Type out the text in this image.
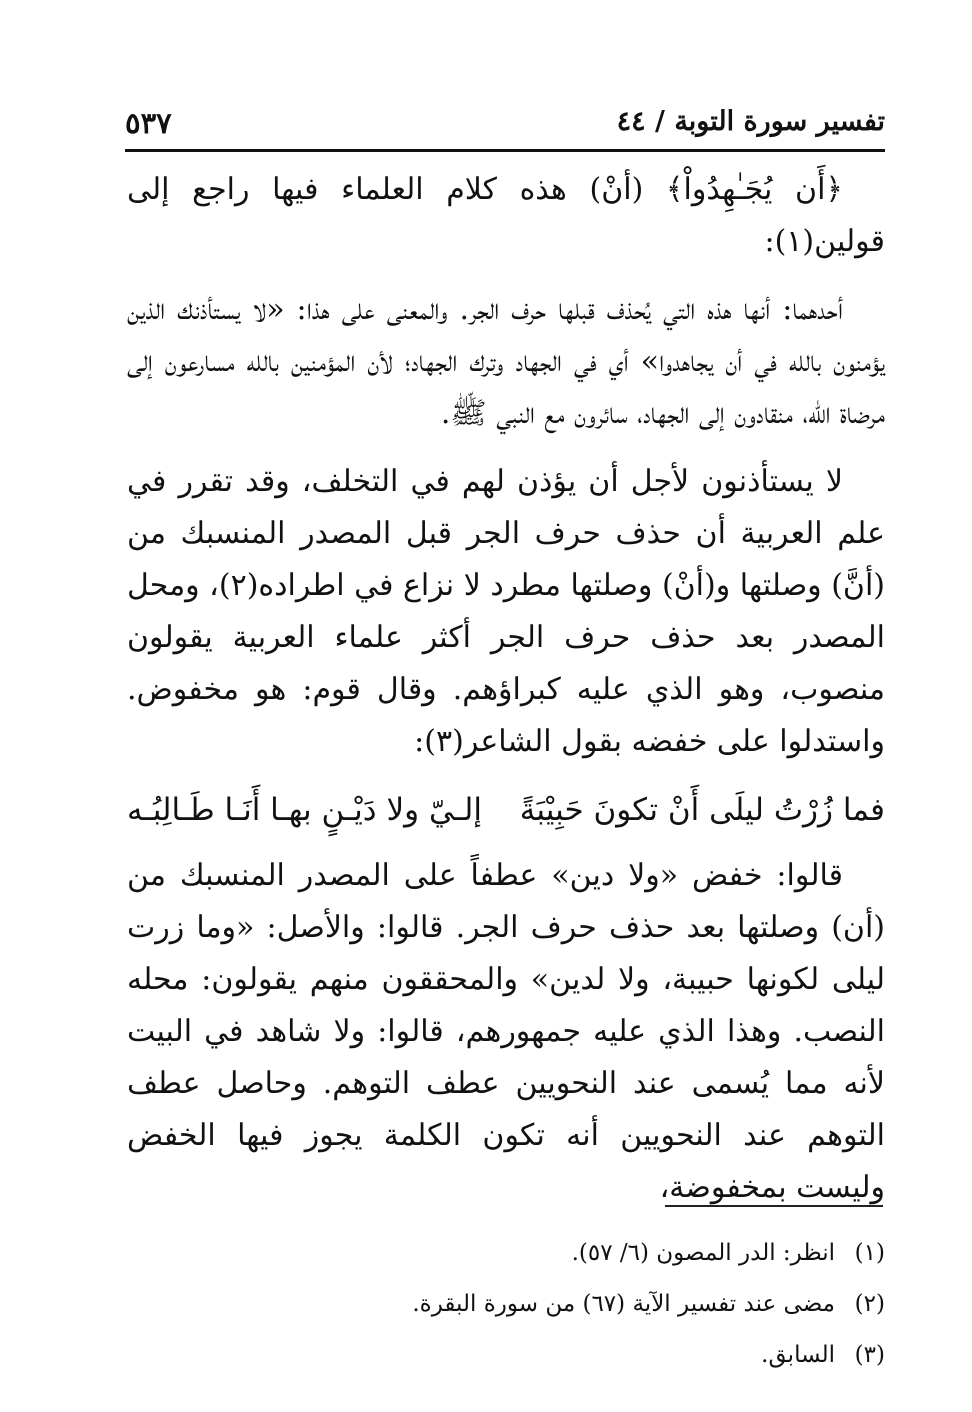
تفسير سورة التوبة / ٤٤
٥٣٧

﴿أَن يُجَـٰهِدُواْ﴾ (أنْ) هذه كلام العلماء فيها راجع إلى قولين(١):

أحدهما: أنها هذه التي يُحذف قبلها حرف الجر. والمعنى على هذا: «لا يستأذنك الذين يؤمنون بالله في أن يجاهدوا» أي في الجهاد وترك الجهاد؛ لأن المؤمنين بالله مسارعون إلى مرضاة الله، منقادون إلى الجهاد، سائرون مع النبي ﷺ.

لا يستأذنون لأجل أن يؤذن لهم في التخلف، وقد تقرر في علم العربية أن حذف حرف الجر قبل المصدر المنسبك من (أنَّ) وصلتها و(أنْ) وصلتها مطرد لا نزاع في اطراده(٢)، ومحل المصدر بعد حذف حرف الجر أكثر علماء العربية يقولون منصوب، وهو الذي عليه كبراؤهم. وقال قوم: هو مخفوض. واستدلوا على خفضه بقول الشاعر(٣):

فما زُرْتُ ليلَى أَنْ تكونَ حَبِيْبَةً
إلـيّ ولا دَيْـنٍ بهـا أَنَـا طَـالِبُـه

قالوا: خفض «ولا دين» عطفاً على المصدر المنسبك من (أن) وصلتها بعد حذف حرف الجر. قالوا: والأصل: «وما زرت ليلى لكونها حبيبة، ولا لدين» والمحققون منهم يقولون: محله النصب. وهذا الذي عليه جمهورهم، قالوا: ولا شاهد في البيت لأنه مما يُسمى عند النحويين عطف التوهم. وحاصل عطف التوهم عند النحويين أنه تكون الكلمة يجوز فيها الخفض وليست بمخفوضة،

(١)
انظر: الدر المصون (٦/ ٥٧).
(٢)
مضى عند تفسير الآية (٦٧) من سورة البقرة.
(٣)
السابق.
